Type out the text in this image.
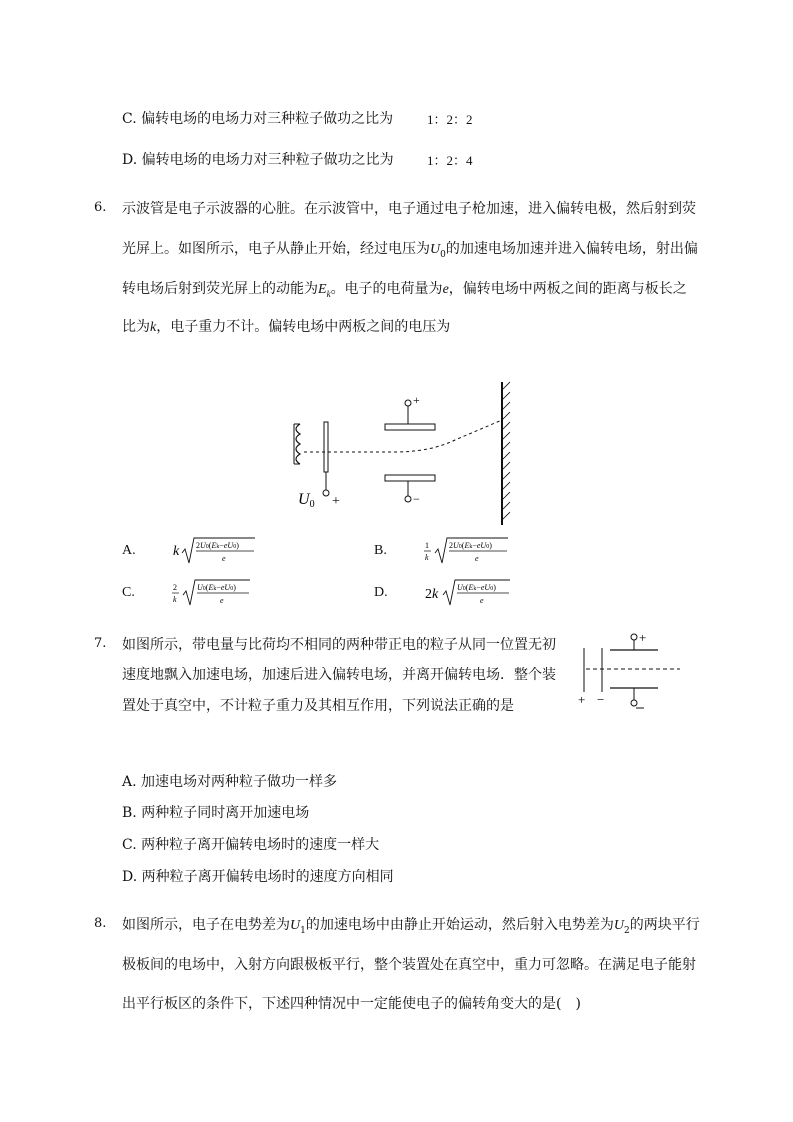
C. 偏转电场的电场力对三种粒子做功之比为	1：2：2
D. 偏转电场的电场力对三种粒子做功之比为	1：2：4
6. 示波管是电子示波器的心脏。在示波管中，电子通过电子枪加速，进入偏转电极，然后射到荧
光屏上。如图所示，电子从静止开始，经过电压为$U_0$的加速电场加速并进入偏转电场，射出偏
转电场后射到荧光屏上的动能为$E_k$。电子的电荷量为e，偏转电场中两板之间的距离与板长之
比为k，电子重力不计。偏转电场中两板之间的电压为
+
−
U0 +
A.	k 2U0(Ek−eU0)
e
B.	1
k
2U0(Ek−eU0)
e
C.	2
k
U0(Ek−eU0)
e
D.	2k U0(Ek−eU0)
e
7. 如图所示，带电量与比荷均不相同的两种带正电的粒子从同一位置无初
速度地飘入加速电场，加速后进入偏转电场，并离开偏转电场．整个装
置处于真空中，不计粒子重力及其相互作用，下列说法正确的是
+
+ −
A. 加速电场对两种粒子做功一样多
B. 两种粒子同时离开加速电场
C. 两种粒子离开偏转电场时的速度一样大
D. 两种粒子离开偏转电场时的速度方向相同
8. 如图所示，电子在电势差为$U_1$的加速电场中由静止开始运动，然后射入电势差为$U_2$的两块平行
极板间的电场中，入射方向跟极板平行，整个装置处在真空中，重力可忽略。在满足电子能射
出平行板区的条件下，下述四种情况中一定能使电子的偏转角变大的是(　)
